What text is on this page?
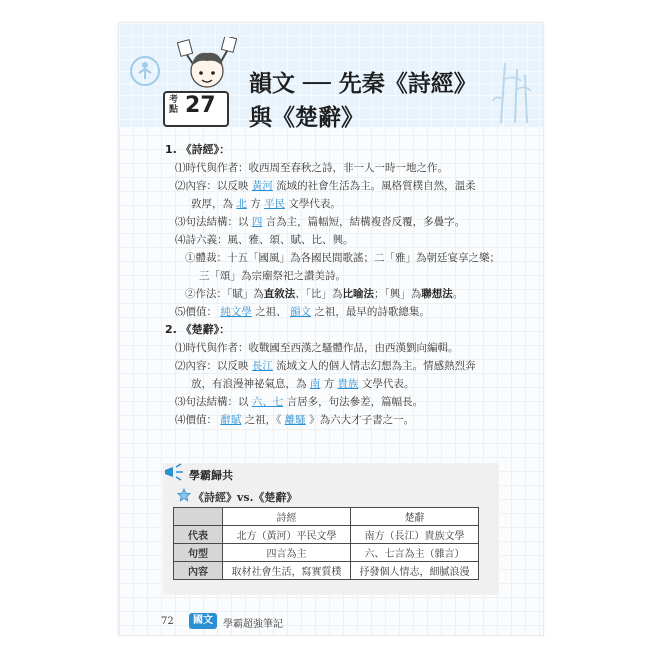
考點 27
韻文 ── 先秦《詩經》
與《楚辭》
1. 《詩經》：
⑴時代與作者：收西周至春秋之詩，非一人一時一地之作。
⑵內容：以反映 黃河 流域的社會生活為主。風格質樸自然，溫柔
敦厚，為 北 方 平民 文學代表。
⑶句法結構：以 四 言為主，篇幅短，結構複沓反覆，多疊字。
⑷詩六義：風、雅、頌、賦、比、興。
①體裁：十五「國風」為各國民間歌謠；二「雅」為朝廷宴享之樂；
三「頌」為宗廟祭祀之讚美詩。
②作法：「賦」為直敘法、「比」為比喻法；「興」為聯想法。
⑸價值： 純文學 之祖、 韻文 之祖，最早的詩歌總集。
2. 《楚辭》：
⑴時代與作者：收戰國至西漢之騷體作品，由西漢劉向編輯。
⑵內容：以反映 長江 流域文人的個人情志幻想為主。情感熱烈奔
放，有浪漫神祕氣息，為 南 方 貴族 文學代表。
⑶句法結構：以 六、七 言居多，句法參差，篇幅長。
⑷價值： 辭賦 之祖，《 離騷 》為六大才子書之一。
學霸歸共
《詩經》vs.《楚辭》
	詩經	楚辭
代表	北方（黃河）平民文學	南方（長江）貴族文學
句型	四言為主	六、七言為主（雜言）
內容	取材社會生活，寫實質樸	抒發個人情志，細膩浪漫
72	國文	學霸超強筆記
